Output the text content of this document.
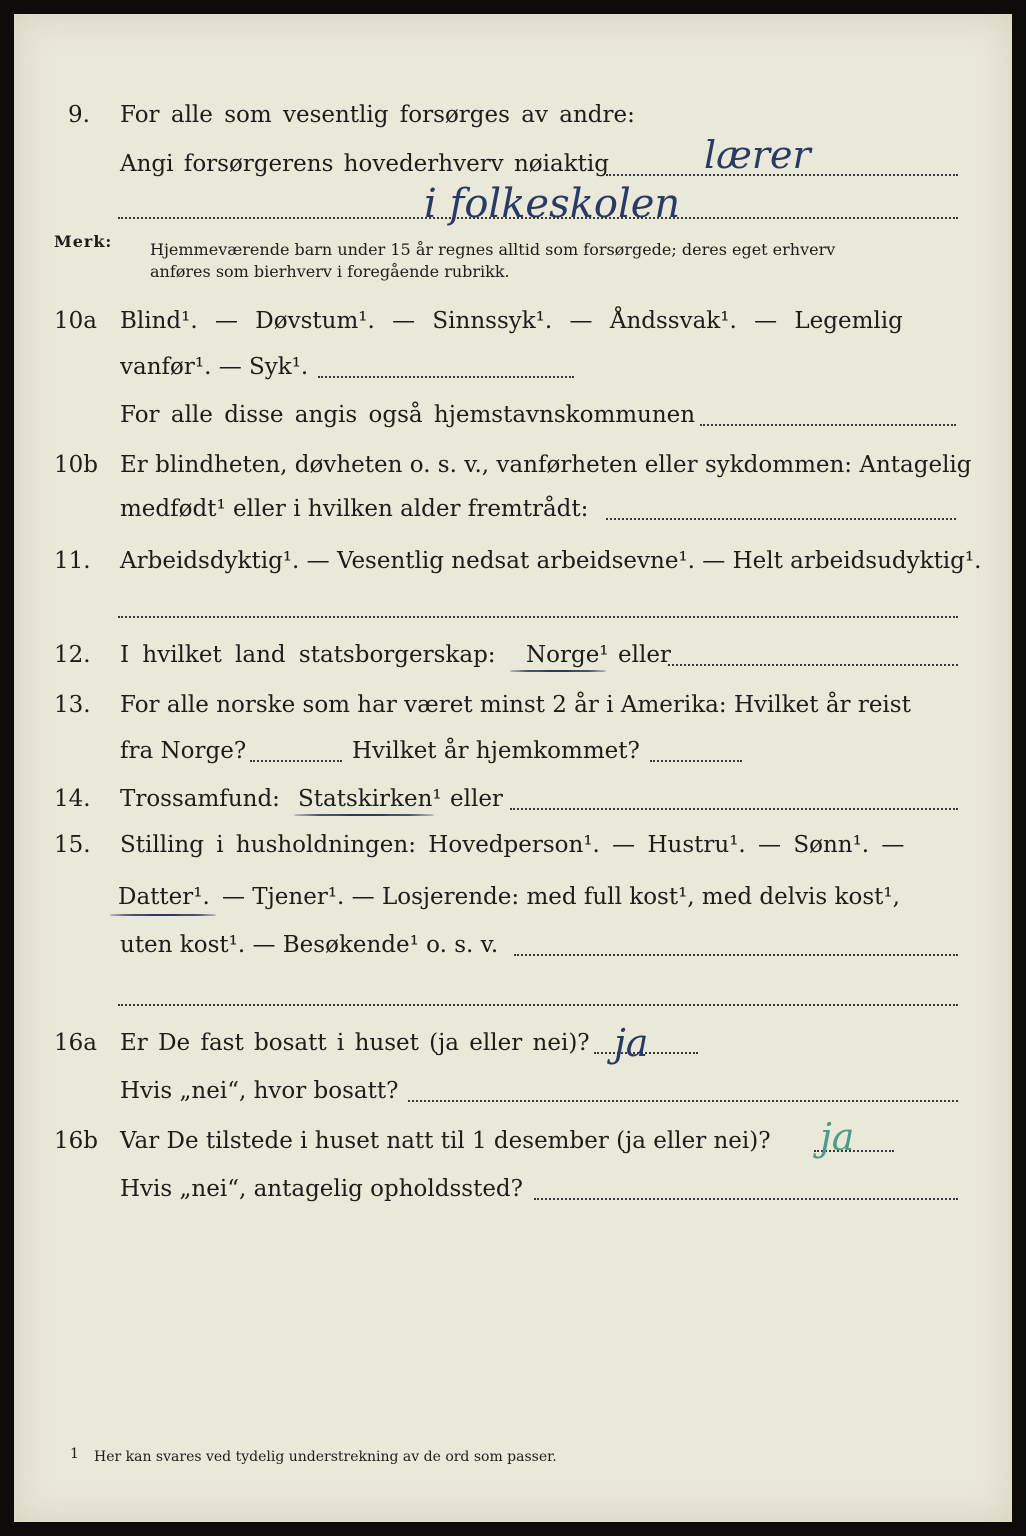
9. For alle som vesentlig forsørges av andre:
Angi forsørgerens hovederhverv nøiaktig	lærer
i folkeskolen
Merk: Hjemmeværende barn under 15 år regnes alltid som forsørgede; deres eget erhverv
anføres som bierhverv i foregående rubrikk.
10a Blind¹. — Døvstum¹. — Sinnssyk¹. — Åndssvak¹. — Legemlig
vanfør¹. — Syk¹.
For alle disse angis også hjemstavnskommunen
10b Er blindheten, døvheten o. s. v., vanførheten eller sykdommen: Antagelig
medfødt¹ eller i hvilken alder fremtrådt:
11. Arbeidsdyktig¹. — Vesentlig nedsat arbeidsevne¹. — Helt arbeidsudyktig¹.
12. I hvilket land statsborgerskap: Norge¹ eller
13. For alle norske som har været minst 2 år i Amerika: Hvilket år reist
fra Norge?	Hvilket år hjemkommet?
14. Trossamfund: Statskirken¹ eller
15. Stilling i husholdningen: Hovedperson¹. — Hustru¹. — Sønn¹. —
Datter¹. — Tjener¹. — Losjerende: med full kost¹, med delvis kost¹,
uten kost¹. — Besøkende¹ o. s. v.
16a Er De fast bosatt i huset (ja eller nei)? ja
Hvis „nei“, hvor bosatt?
16b Var De tilstede i huset natt til 1 desember (ja eller nei)? ja
Hvis „nei“, antagelig opholdssted?
1 Her kan svares ved tydelig understrekning av de ord som passer.
